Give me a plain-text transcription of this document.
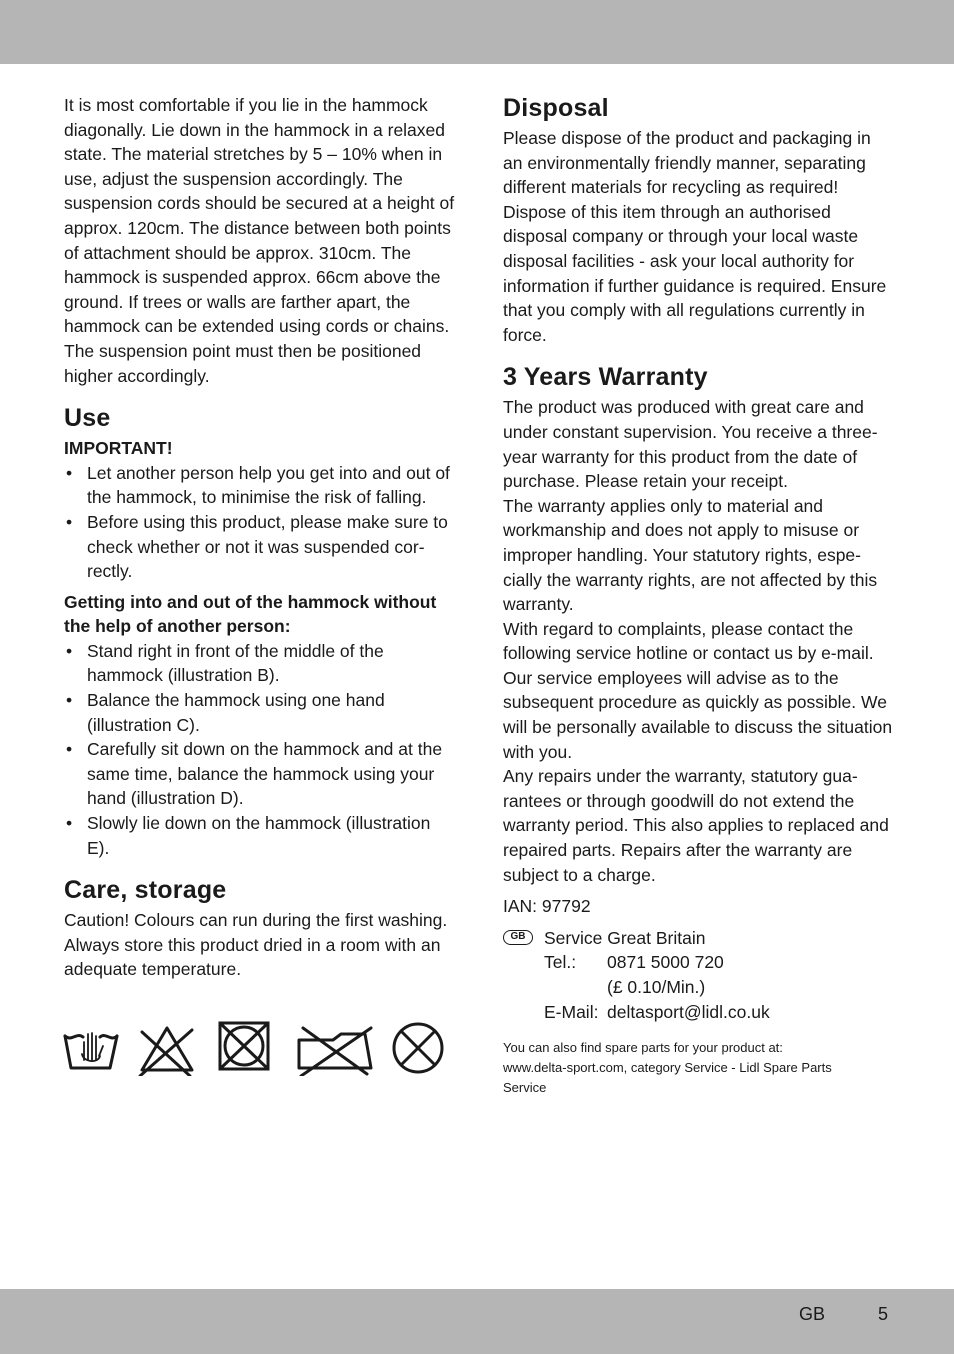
It is most comfortable if you lie in the hammock diagonally. Lie down in the hammock in a relaxed state. The material stretches by 5 – 10% when in use, adjust the suspension accordingly. The suspension cords should be secured at a height of approx. 120cm. The distance between both points of attachment should be approx. 310cm. The hammock is suspended approx. 66cm above the ground. If trees or walls are farther apart, the hammock can be extended using cords or chains.

The suspension point must then be positioned higher accordingly.

Use

IMPORTANT!

• Let another person help you get into and out of the hammock, to minimise the risk of falling.
• Before using this product, please make sure to check whether or not it was suspended cor-rectly.

Getting into and out of the hammock without the help of another person:

• Stand right in front of the middle of the hammock (illustration B).
• Balance the hammock using one hand (illustration C).
• Carefully sit down on the hammock and at the same time, balance the hammock using your hand (illustration D).
• Slowly lie down on the hammock (illustration E).
Care, storage

Caution! Colours can run during the first washing. Always store this product dried in a room with an adequate temperature.

Disposal

Please dispose of the product and packaging in an environmentally friendly manner, separating different materials for recycling as required! Dispose of this item through an authorised disposal company or through your local waste disposal facilities - ask your local authority for information if further guidance is required. Ensure that you comply with all regulations currently in force.

3 Years Warranty

The product was produced with great care and under constant supervision. You receive a three-year warranty for this product from the date of purchase. Please retain your receipt.

The warranty applies only to material and workmanship and does not apply to misuse or improper handling. Your statutory rights, espe-cially the warranty rights, are not affected by this warranty.

With regard to complaints, please contact the following service hotline or contact us by e-mail. Our service employees will advise as to the subsequent procedure as quickly as possible. We will be personally available to discuss the situation with you.

Any repairs under the warranty, statutory gua-rantees or through goodwill do not extend the warranty period. This also applies to replaced and repaired parts. Repairs after the warranty are subject to a charge.

IAN: 97792

GB	Service Great Britain
Tel.: 0871 5000 720
(£ 0.10/Min.)
E-Mail: deltasport@lidl.co.uk

You can also find spare parts for your product at:

www.delta-sport.com, category Service - Lidl Spare Parts

Service

GB	5
